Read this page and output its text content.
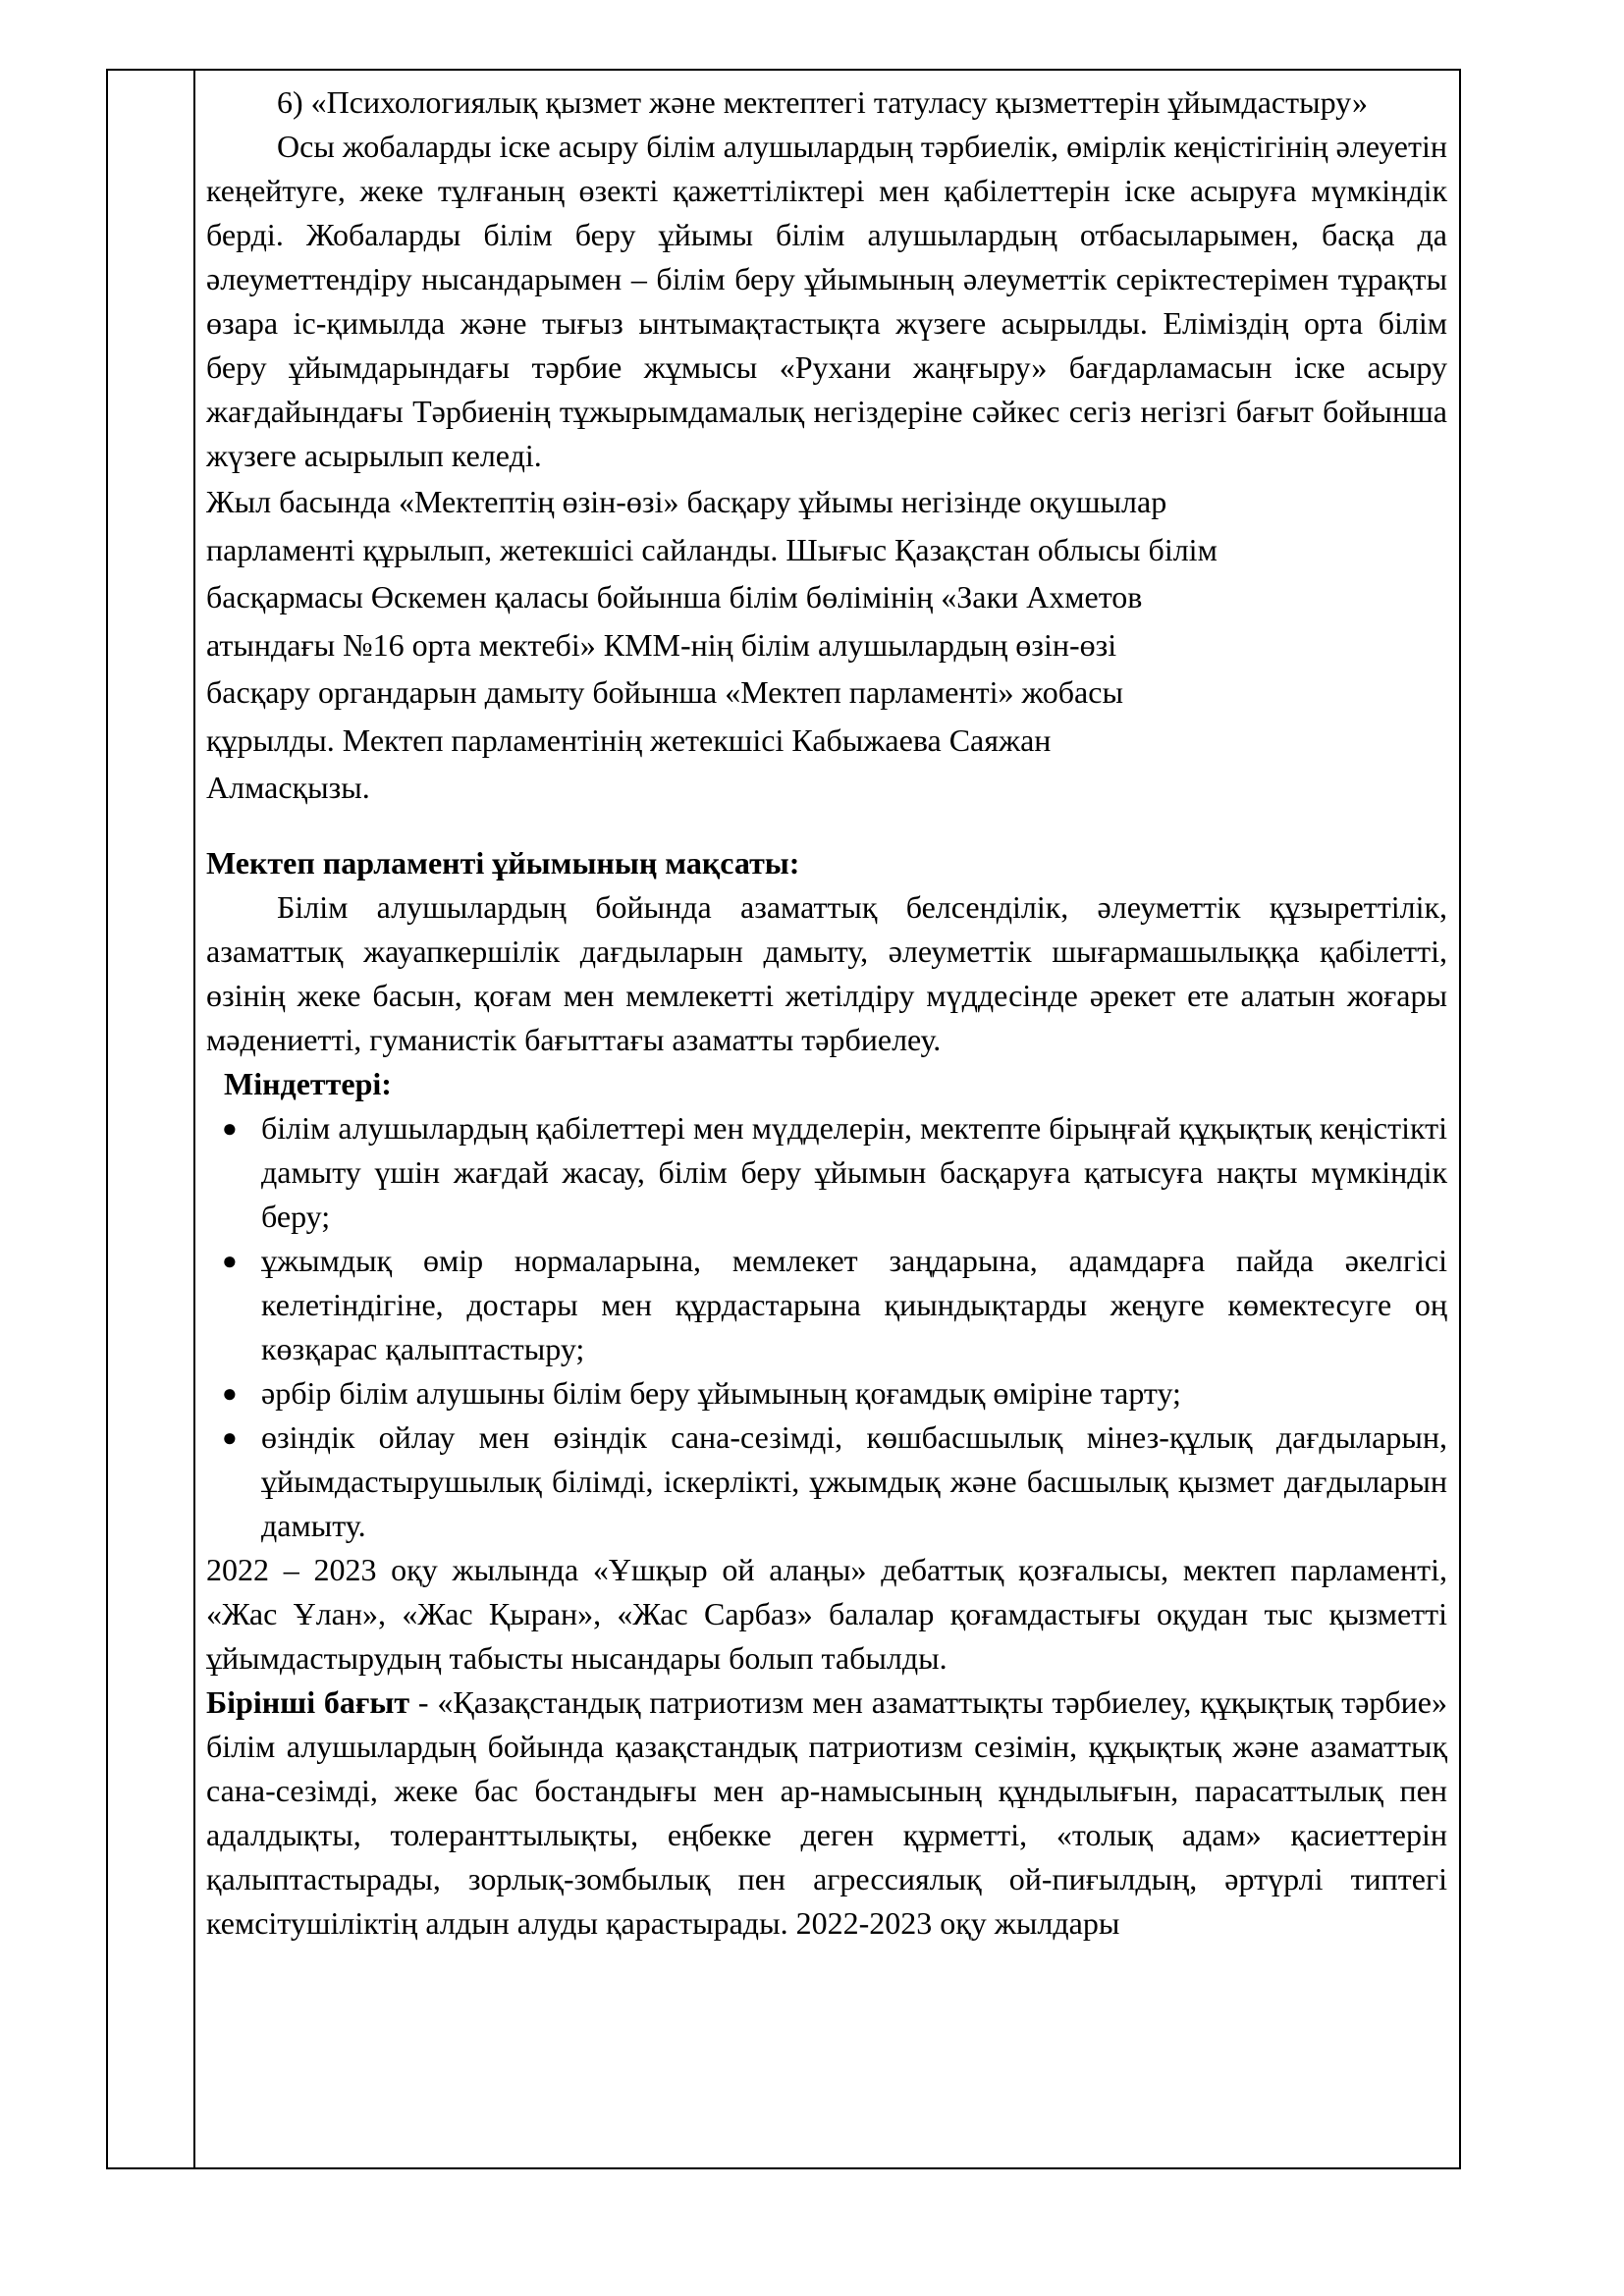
6) «Психологиялық қызмет және мектептегі татуласу қызметтерін ұйымдастыру»

Осы жобаларды іске асыру білім алушылардың тәрбиелік, өмірлік кеңістігінің әлеуетін кеңейтуге, жеке тұлғаның өзекті қажеттіліктері мен қабілеттерін іске асыруға мүмкіндік берді. Жобаларды білім беру ұйымы білім алушылардың отбасыларымен, басқа да әлеуметтендіру нысандарымен – білім беру ұйымының әлеуметтік серіктестерімен тұрақты өзара іс-қимылда және тығыз ынтымақтастықта жүзеге асырылды. Еліміздің орта білім беру ұйымдарындағы тәрбие жұмысы «Рухани жаңғыру» бағдарламасын іске асыру жағдайындағы Тәрбиенің тұжырымдамалық негіздеріне сәйкес сегіз негізгі бағыт бойынша жүзеге асырылып келеді.

Жыл басында «Мектептің өзін-өзі» басқару ұйымы негізінде оқушылар
парламенті құрылып, жетекшісі сайланды. Шығыс Қазақстан облысы білім
басқармасы Өскемен қаласы бойынша білім бөлімінің «Заки Ахметов
атындағы №16 орта мектебі» КММ-нің білім алушылардың өзін-өзі
басқару органдарын дамыту бойынша «Мектеп парламенті» жобасы
құрылды. Мектеп парламентінің жетекшісі Кабыжаева Саяжан
Алмасқызы.

Мектеп парламенті ұйымының мақсаты:

Білім алушылардың бойында азаматтық белсенділік, әлеуметтік құзыреттілік, азаматтық жауапкершілік дағдыларын дамыту, әлеуметтік шығармашылыққа қабілетті, өзінің жеке басын, қоғам мен мемлекетті жетілдіру мүддесінде әрекет ете алатын жоғары мәдениетті, гуманистік бағыттағы азаматты тәрбиелеу.

Міндеттері:

● білім алушылардың қабілеттері мен мүдделерін, мектепте бірыңғай құқықтық кеңістікті дамыту үшін жағдай жасау, білім беру ұйымын басқаруға қатысуға нақты мүмкіндік беру;
● ұжымдық өмір нормаларына, мемлекет заңдарына, адамдарға пайда әкелгісі келетіндігіне, достары мен құрдастарына қиындықтарды жеңуге көмектесуге оң көзқарас қалыптастыру;
● әрбір білім алушыны білім беру ұйымының қоғамдық өміріне тарту;
● өзіндік ойлау мен өзіндік сана-сезімді, көшбасшылық мінез-құлық дағдыларын, ұйымдастырушылық білімді, іскерлікті, ұжымдық және басшылық қызмет дағдыларын дамыту.

2022 – 2023 оқу жылында «Ұшқыр ой алаңы» дебаттық қозғалысы, мектеп парламенті, «Жас Ұлан», «Жас Қыран», «Жас Сарбаз» балалар қоғамдастығы оқудан тыс қызметті ұйымдастырудың табысты нысандары болып табылды.

Бірінші бағыт - «Қазақстандық патриотизм мен азаматтықты тәрбиелеу, құқықтық тәрбие» білім алушылардың бойында қазақстандық патриотизм сезімін, құқықтық және азаматтық сана-сезімді, жеке бас бостандығы мен ар-намысының құндылығын, парасаттылық пен адалдықты, толеранттылықты, еңбекке деген құрметті, «толық адам» қасиеттерін қалыптастырады, зорлық-зомбылық пен агрессиялық ой-пиғылдың, әртүрлі типтегі кемсітушіліктің алдын алуды қарастырады. 2022-2023 оқу жылдары
